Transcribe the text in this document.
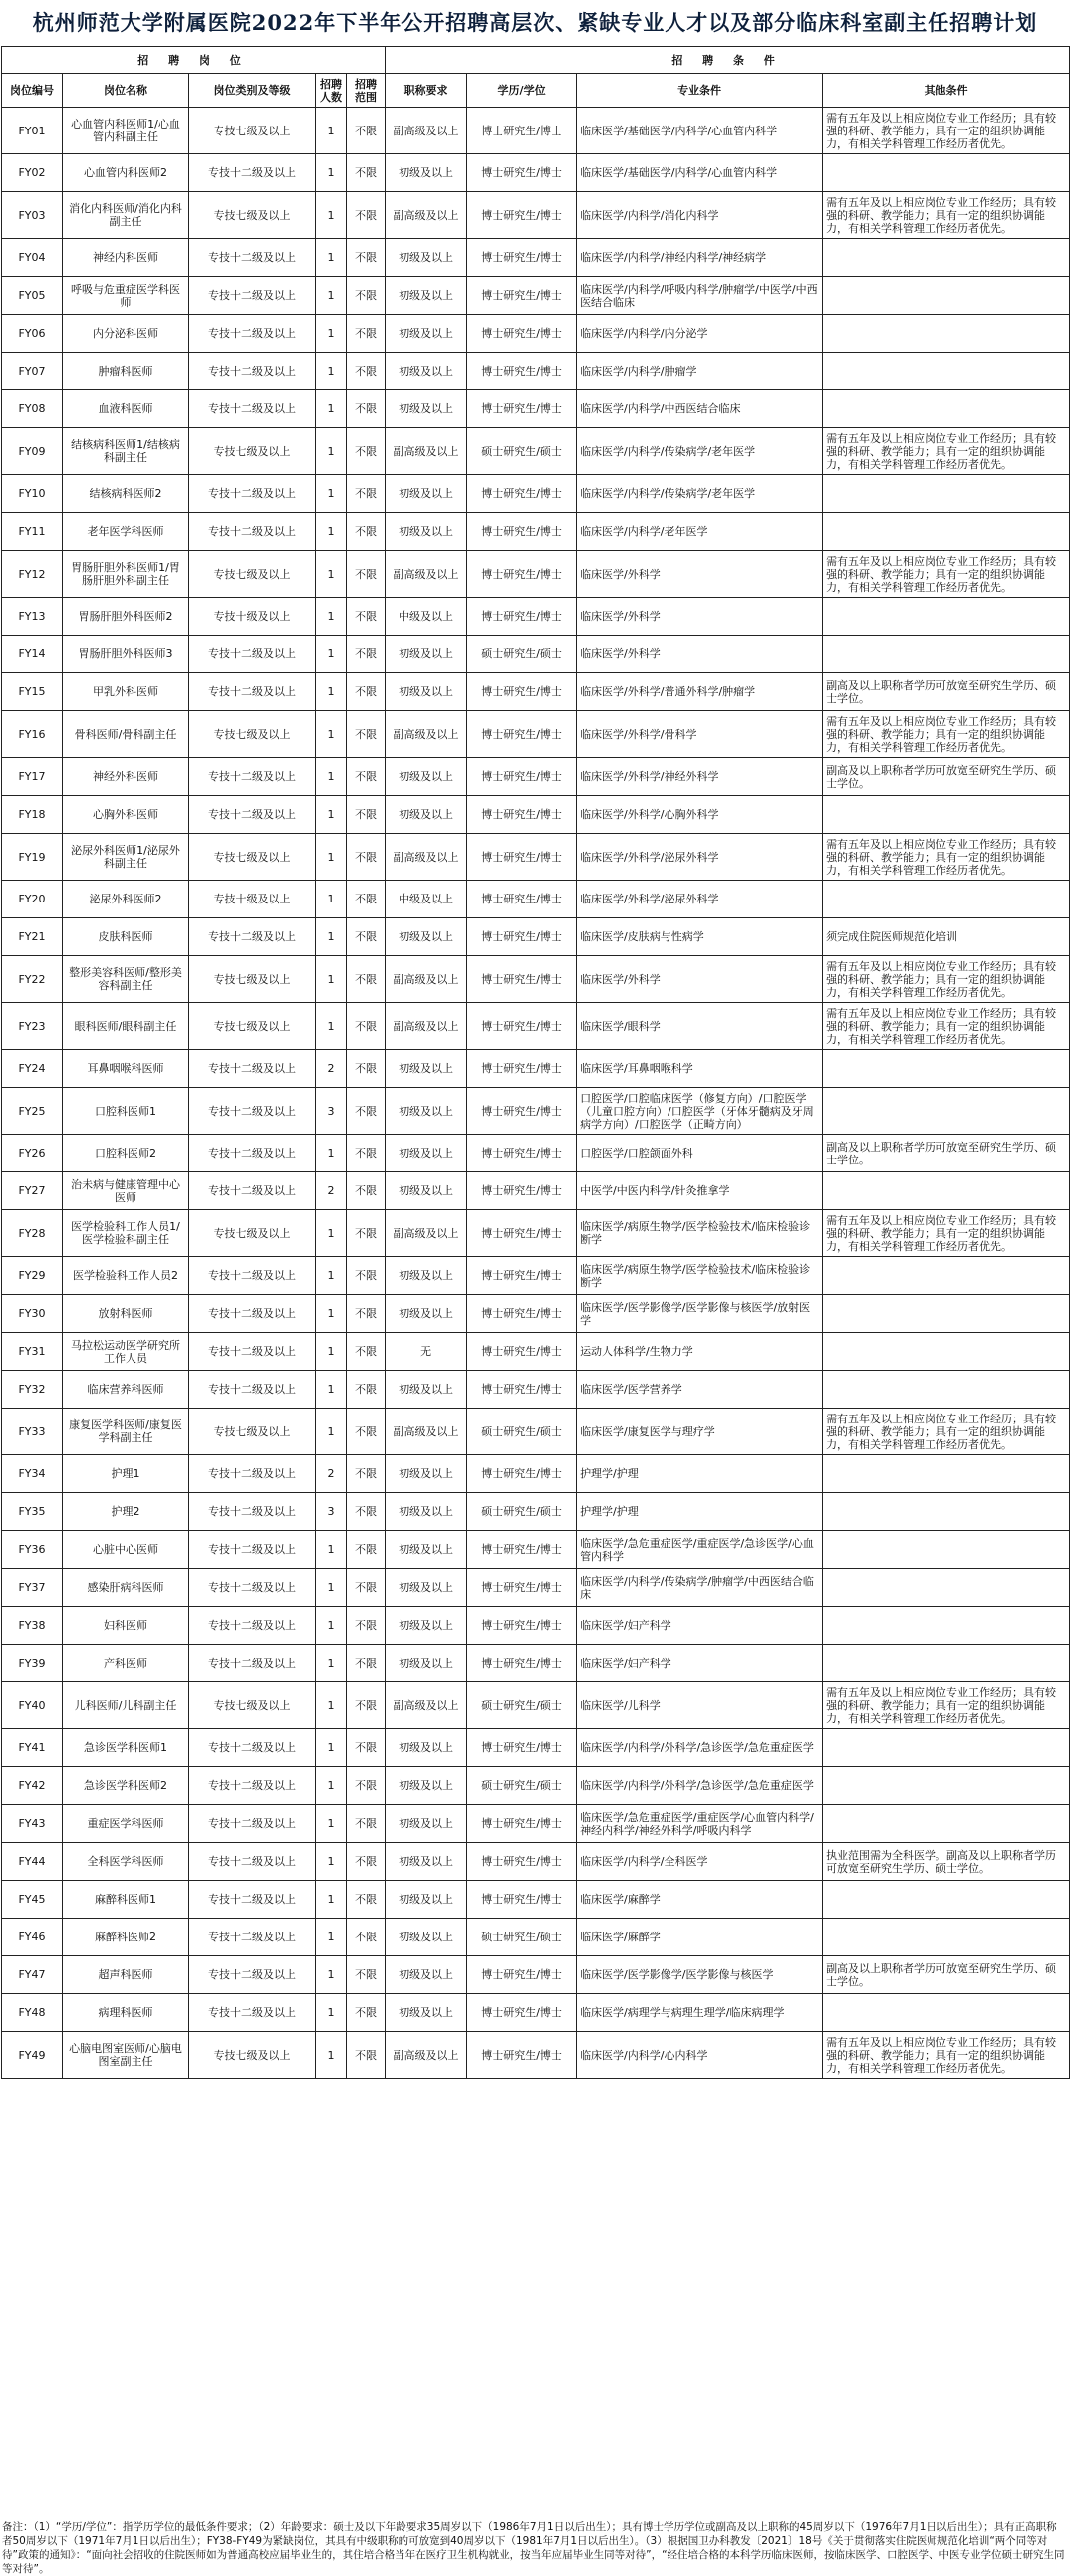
杭州师范大学附属医院2022年下半年公开招聘高层次、紧缺专业人才以及部分临床科室副主任招聘计划
招 聘 岗 位					招 聘 条 件			
岗位编号	岗位名称	岗位类别及等级	招聘人数	招聘范围	职称要求	学历/学位	专业条件	其他条件
FY01	心血管内科医师1/心血管内科副主任	专技七级及以上	1	不限	副高级及以上	博士研究生/博士	临床医学/基础医学/内科学/心血管内科学	需有五年及以上相应岗位专业工作经历；具有较强的科研、教学能力；具有一定的组织协调能力，有相关学科管理工作经历者优先。
FY02	心血管内科医师2	专技十二级及以上	1	不限	初级及以上	博士研究生/博士	临床医学/基础医学/内科学/心血管内科学	
FY03	消化内科医师/消化内科副主任	专技七级及以上	1	不限	副高级及以上	博士研究生/博士	临床医学/内科学/消化内科学	需有五年及以上相应岗位专业工作经历；具有较强的科研、教学能力；具有一定的组织协调能力，有相关学科管理工作经历者优先。
FY04	神经内科医师	专技十二级及以上	1	不限	初级及以上	博士研究生/博士	临床医学/内科学/神经内科学/神经病学	
FY05	呼吸与危重症医学科医师	专技十二级及以上	1	不限	初级及以上	博士研究生/博士	临床医学/内科学/呼吸内科学/肿瘤学/中医学/中西医结合临床	
FY06	内分泌科医师	专技十二级及以上	1	不限	初级及以上	博士研究生/博士	临床医学/内科学/内分泌学	
FY07	肿瘤科医师	专技十二级及以上	1	不限	初级及以上	博士研究生/博士	临床医学/内科学/肿瘤学	
FY08	血液科医师	专技十二级及以上	1	不限	初级及以上	博士研究生/博士	临床医学/内科学/中西医结合临床	
FY09	结核病科医师1/结核病科副主任	专技七级及以上	1	不限	副高级及以上	硕士研究生/硕士	临床医学/内科学/传染病学/老年医学	需有五年及以上相应岗位专业工作经历；具有较强的科研、教学能力；具有一定的组织协调能力，有相关学科管理工作经历者优先。
FY10	结核病科医师2	专技十二级及以上	1	不限	初级及以上	博士研究生/博士	临床医学/内科学/传染病学/老年医学	
FY11	老年医学科医师	专技十二级及以上	1	不限	初级及以上	博士研究生/博士	临床医学/内科学/老年医学	
FY12	胃肠肝胆外科医师1/胃肠肝胆外科副主任	专技七级及以上	1	不限	副高级及以上	博士研究生/博士	临床医学/外科学	需有五年及以上相应岗位专业工作经历；具有较强的科研、教学能力；具有一定的组织协调能力，有相关学科管理工作经历者优先。
FY13	胃肠肝胆外科医师2	专技十级及以上	1	不限	中级及以上	博士研究生/博士	临床医学/外科学	
FY14	胃肠肝胆外科医师3	专技十二级及以上	1	不限	初级及以上	硕士研究生/硕士	临床医学/外科学	
FY15	甲乳外科医师	专技十二级及以上	1	不限	初级及以上	博士研究生/博士	临床医学/外科学/普通外科学/肿瘤学	副高及以上职称者学历可放宽至研究生学历、硕士学位。
FY16	骨科医师/骨科副主任	专技七级及以上	1	不限	副高级及以上	博士研究生/博士	临床医学/外科学/骨科学	需有五年及以上相应岗位专业工作经历；具有较强的科研、教学能力；具有一定的组织协调能力，有相关学科管理工作经历者优先。
FY17	神经外科医师	专技十二级及以上	1	不限	初级及以上	博士研究生/博士	临床医学/外科学/神经外科学	副高及以上职称者学历可放宽至研究生学历、硕士学位。
FY18	心胸外科医师	专技十二级及以上	1	不限	初级及以上	博士研究生/博士	临床医学/外科学/心胸外科学	
FY19	泌尿外科医师1/泌尿外科副主任	专技七级及以上	1	不限	副高级及以上	博士研究生/博士	临床医学/外科学/泌尿外科学	需有五年及以上相应岗位专业工作经历；具有较强的科研、教学能力；具有一定的组织协调能力，有相关学科管理工作经历者优先。
FY20	泌尿外科医师2	专技十级及以上	1	不限	中级及以上	博士研究生/博士	临床医学/外科学/泌尿外科学	
FY21	皮肤科医师	专技十二级及以上	1	不限	初级及以上	博士研究生/博士	临床医学/皮肤病与性病学	须完成住院医师规范化培训
FY22	整形美容科医师/整形美容科副主任	专技七级及以上	1	不限	副高级及以上	博士研究生/博士	临床医学/外科学	需有五年及以上相应岗位专业工作经历；具有较强的科研、教学能力；具有一定的组织协调能力，有相关学科管理工作经历者优先。
FY23	眼科医师/眼科副主任	专技七级及以上	1	不限	副高级及以上	博士研究生/博士	临床医学/眼科学	需有五年及以上相应岗位专业工作经历；具有较强的科研、教学能力；具有一定的组织协调能力，有相关学科管理工作经历者优先。
FY24	耳鼻咽喉科医师	专技十二级及以上	2	不限	初级及以上	博士研究生/博士	临床医学/耳鼻咽喉科学	
FY25	口腔科医师1	专技十二级及以上	3	不限	初级及以上	博士研究生/博士	口腔医学/口腔临床医学（修复方向）/口腔医学（儿童口腔方向）/口腔医学（牙体牙髓病及牙周病学方向）/口腔医学（正畸方向）	
FY26	口腔科医师2	专技十二级及以上	1	不限	初级及以上	博士研究生/博士	口腔医学/口腔颌面外科	副高及以上职称者学历可放宽至研究生学历、硕士学位。
FY27	治未病与健康管理中心医师	专技十二级及以上	2	不限	初级及以上	博士研究生/博士	中医学/中医内科学/针灸推拿学	
FY28	医学检验科工作人员1/医学检验科副主任	专技七级及以上	1	不限	副高级及以上	博士研究生/博士	临床医学/病原生物学/医学检验技术/临床检验诊断学	需有五年及以上相应岗位专业工作经历；具有较强的科研、教学能力；具有一定的组织协调能力，有相关学科管理工作经历者优先。
FY29	医学检验科工作人员2	专技十二级及以上	1	不限	初级及以上	博士研究生/博士	临床医学/病原生物学/医学检验技术/临床检验诊断学	
FY30	放射科医师	专技十二级及以上	1	不限	初级及以上	博士研究生/博士	临床医学/医学影像学/医学影像与核医学/放射医学	
FY31	马拉松运动医学研究所工作人员	专技十二级及以上	1	不限	无	博士研究生/博士	运动人体科学/生物力学	
FY32	临床营养科医师	专技十二级及以上	1	不限	初级及以上	博士研究生/博士	临床医学/医学营养学	
FY33	康复医学科医师/康复医学科副主任	专技七级及以上	1	不限	副高级及以上	硕士研究生/硕士	临床医学/康复医学与理疗学	需有五年及以上相应岗位专业工作经历；具有较强的科研、教学能力；具有一定的组织协调能力，有相关学科管理工作经历者优先。
FY34	护理1	专技十二级及以上	2	不限	初级及以上	博士研究生/博士	护理学/护理	
FY35	护理2	专技十二级及以上	3	不限	初级及以上	硕士研究生/硕士	护理学/护理	
FY36	心脏中心医师	专技十二级及以上	1	不限	初级及以上	博士研究生/博士	临床医学/急危重症医学/重症医学/急诊医学/心血管内科学	
FY37	感染肝病科医师	专技十二级及以上	1	不限	初级及以上	博士研究生/博士	临床医学/内科学/传染病学/肿瘤学/中西医结合临床	
FY38	妇科医师	专技十二级及以上	1	不限	初级及以上	博士研究生/博士	临床医学/妇产科学	
FY39	产科医师	专技十二级及以上	1	不限	初级及以上	博士研究生/博士	临床医学/妇产科学	
FY40	儿科医师/儿科副主任	专技七级及以上	1	不限	副高级及以上	硕士研究生/硕士	临床医学/儿科学	需有五年及以上相应岗位专业工作经历；具有较强的科研、教学能力；具有一定的组织协调能力，有相关学科管理工作经历者优先。
FY41	急诊医学科医师1	专技十二级及以上	1	不限	初级及以上	博士研究生/博士	临床医学/内科学/外科学/急诊医学/急危重症医学	
FY42	急诊医学科医师2	专技十二级及以上	1	不限	初级及以上	硕士研究生/硕士	临床医学/内科学/外科学/急诊医学/急危重症医学	
FY43	重症医学科医师	专技十二级及以上	1	不限	初级及以上	博士研究生/博士	临床医学/急危重症医学/重症医学/心血管内科学/神经内科学/神经外科学/呼吸内科学	
FY44	全科医学科医师	专技十二级及以上	1	不限	初级及以上	博士研究生/博士	临床医学/内科学/全科医学	执业范围需为全科医学。副高及以上职称者学历可放宽至研究生学历、硕士学位。
FY45	麻醉科医师1	专技十二级及以上	1	不限	初级及以上	博士研究生/博士	临床医学/麻醉学	
FY46	麻醉科医师2	专技十二级及以上	1	不限	初级及以上	硕士研究生/硕士	临床医学/麻醉学	
FY47	超声科医师	专技十二级及以上	1	不限	初级及以上	博士研究生/博士	临床医学/医学影像学/医学影像与核医学	副高及以上职称者学历可放宽至研究生学历、硕士学位。
FY48	病理科医师	专技十二级及以上	1	不限	初级及以上	博士研究生/博士	临床医学/病理学与病理生理学/临床病理学	
FY49	心脑电图室医师/心脑电图室副主任	专技七级及以上	1	不限	副高级及以上	博士研究生/博士	临床医学/内科学/心内科学	需有五年及以上相应岗位专业工作经历；具有较强的科研、教学能力；具有一定的组织协调能力，有相关学科管理工作经历者优先。
备注：（1）“学历/学位”：指学历学位的最低条件要求；（2）年龄要求：硕士及以下年龄要求35周岁以下（1986年7月1日以后出生）；具有博士学历学位或副高及以上职称的45周岁以下（1976年7月1日以后出生）；具有正高职称者50周岁以下（1971年7月1日以后出生）；FY38-FY49为紧缺岗位，其具有中级职称的可放宽到40周岁以下（1981年7月1日以后出生）。（3）根据国卫办科教发〔2021〕18号《关于贯彻落实住院医师规范化培训“两个同等对待”政策的通知》：“面向社会招收的住院医师如为普通高校应届毕业生的，其住培合格当年在医疗卫生机构就业，按当年应届毕业生同等对待”，“经住培合格的本科学历临床医师，按临床医学、口腔医学、中医专业学位硕士研究生同等对待”。
